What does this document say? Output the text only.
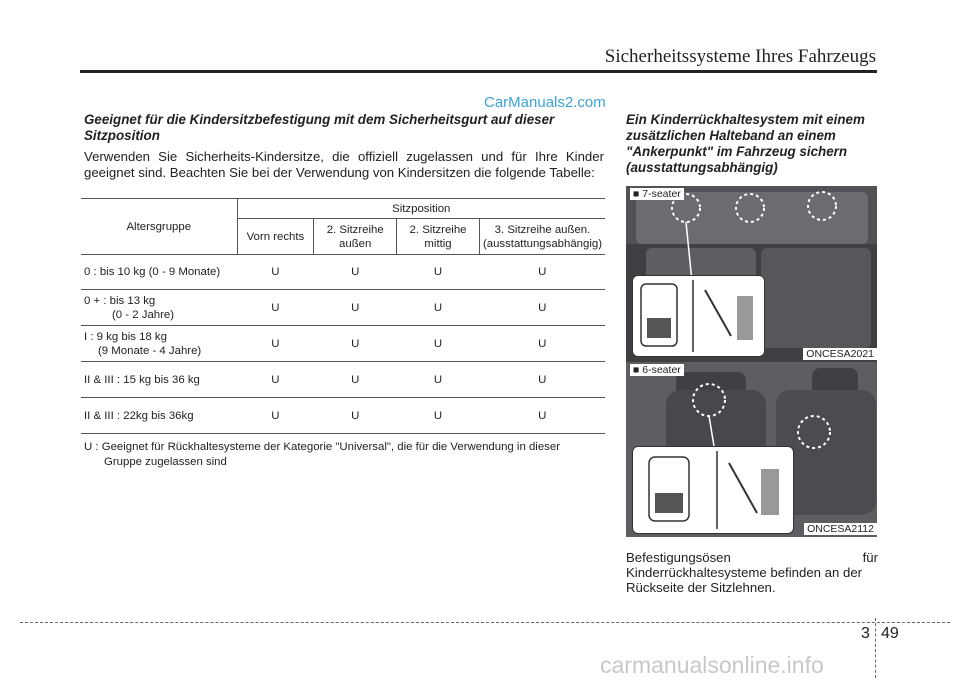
Sicherheitssysteme Ihres Fahrzeugs
CarManuals2.com
Geeignet für die Kindersitzbefestigung mit dem Sicherheitsgurt auf dieser Sitzposition
Verwenden Sie Sicherheits-Kindersitze, die offiziell zugelassen und für Ihre Kinder geeignet sind. Beachten Sie bei der Verwendung von Kindersitzen die folgende Tabelle:
Altersgruppe	Sitzposition			
	Vorn rechts	2. Sitzreihe außen	2. Sitzreihe mittig	3. Sitzreihe außen. (ausstattungsabhängig)
0 : bis 10 kg (0 - 9 Monate)	U	U	U	U

0 + : bis 13 kg
(0 - 2 Jahre)	U	U	U	U

I : 9 kg bis 18 kg
(9 Monate - 4 Jahre)	U	U	U	U
II & III : 15 kg bis 36 kg	U	U	U	U
II & III : 22kg bis 36kg	U	U	U	U
U : Geeignet für Rückhaltesysteme der Kategorie "Universal", die für die Verwendung in dieser
Gruppe zugelassen sind
Ein Kinderrückhaltesystem mit einem zusätzlichen Halteband an einem "Ankerpunkt" im Fahrzeug sichern (ausstattungsabhängig)
■ 7-seater
ONCESA2021
■ 6-seater
ONCESA2112
Befestigungsösen	für
Kinderrückhaltesysteme befinden an der Rückseite der Sitzlehnen.
3 49
carmanualsonline.info
